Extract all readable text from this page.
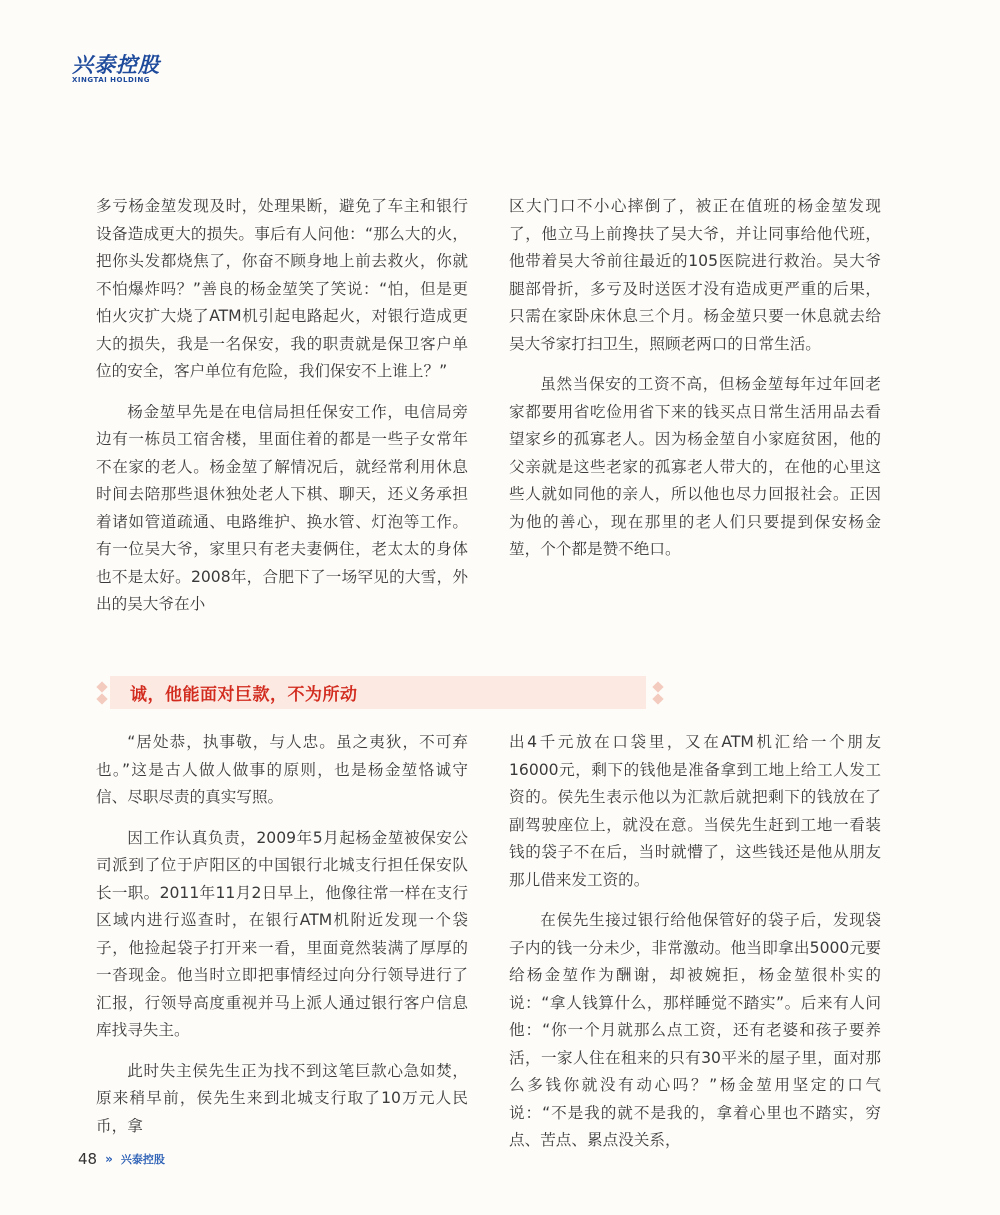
兴泰控股
XINGTAI HOLDING

多亏杨金堃发现及时，处理果断，避免了车主和银行设备造成更大的损失。事后有人问他：“那么大的火，把你头发都烧焦了，你奋不顾身地上前去救火，你就不怕爆炸吗？”善良的杨金堃笑了笑说：“怕，但是更怕火灾扩大烧了ATM机引起电路起火，对银行造成更大的损失，我是一名保安，我的职责就是保卫客户单位的安全，客户单位有危险，我们保安不上谁上？”

杨金堃早先是在电信局担任保安工作，电信局旁边有一栋员工宿舍楼，里面住着的都是一些子女常年不在家的老人。杨金堃了解情况后，就经常利用休息时间去陪那些退休独处老人下棋、聊天，还义务承担着诸如管道疏通、电路维护、换水管、灯泡等工作。有一位吴大爷，家里只有老夫妻俩住，老太太的身体也不是太好。2008年，合肥下了一场罕见的大雪，外出的吴大爷在小

区大门口不小心摔倒了，被正在值班的杨金堃发现了，他立马上前搀扶了吴大爷，并让同事给他代班，他带着吴大爷前往最近的105医院进行救治。吴大爷腿部骨折，多亏及时送医才没有造成更严重的后果，只需在家卧床休息三个月。杨金堃只要一休息就去给吴大爷家打扫卫生，照顾老两口的日常生活。

虽然当保安的工资不高，但杨金堃每年过年回老家都要用省吃俭用省下来的钱买点日常生活用品去看望家乡的孤寡老人。因为杨金堃自小家庭贫困，他的父亲就是这些老家的孤寡老人带大的，在他的心里这些人就如同他的亲人，所以他也尽力回报社会。正因为他的善心，现在那里的老人们只要提到保安杨金堃，个个都是赞不绝口。

诚，他能面对巨款，不为所动

“居处恭，执事敬，与人忠。虽之夷狄，不可弃也。”这是古人做人做事的原则，也是杨金堃恪诚守信、尽职尽责的真实写照。

因工作认真负责，2009年5月起杨金堃被保安公司派到了位于庐阳区的中国银行北城支行担任保安队长一职。2011年11月2日早上，他像往常一样在支行区域内进行巡查时，在银行ATM机附近发现一个袋子，他捡起袋子打开来一看，里面竟然装满了厚厚的一沓现金。他当时立即把事情经过向分行领导进行了汇报，行领导高度重视并马上派人通过银行客户信息库找寻失主。

此时失主侯先生正为找不到这笔巨款心急如焚，原来稍早前，侯先生来到北城支行取了10万元人民币，拿

出4千元放在口袋里，又在ATM机汇给一个朋友16000元，剩下的钱他是准备拿到工地上给工人发工资的。侯先生表示他以为汇款后就把剩下的钱放在了副驾驶座位上，就没在意。当侯先生赶到工地一看装钱的袋子不在后，当时就懵了，这些钱还是他从朋友那儿借来发工资的。

在侯先生接过银行给他保管好的袋子后，发现袋子内的钱一分未少，非常激动。他当即拿出5000元要给杨金堃作为酬谢，却被婉拒，杨金堃很朴实的说：“拿人钱算什么，那样睡觉不踏实”。后来有人问他：“你一个月就那么点工资，还有老婆和孩子要养活，一家人住在租来的只有30平米的屋子里，面对那么多钱你就没有动心吗？”杨金堃用坚定的口气说：“不是我的就不是我的，拿着心里也不踏实，穷点、苦点、累点没关系，

48 » 兴泰控股
